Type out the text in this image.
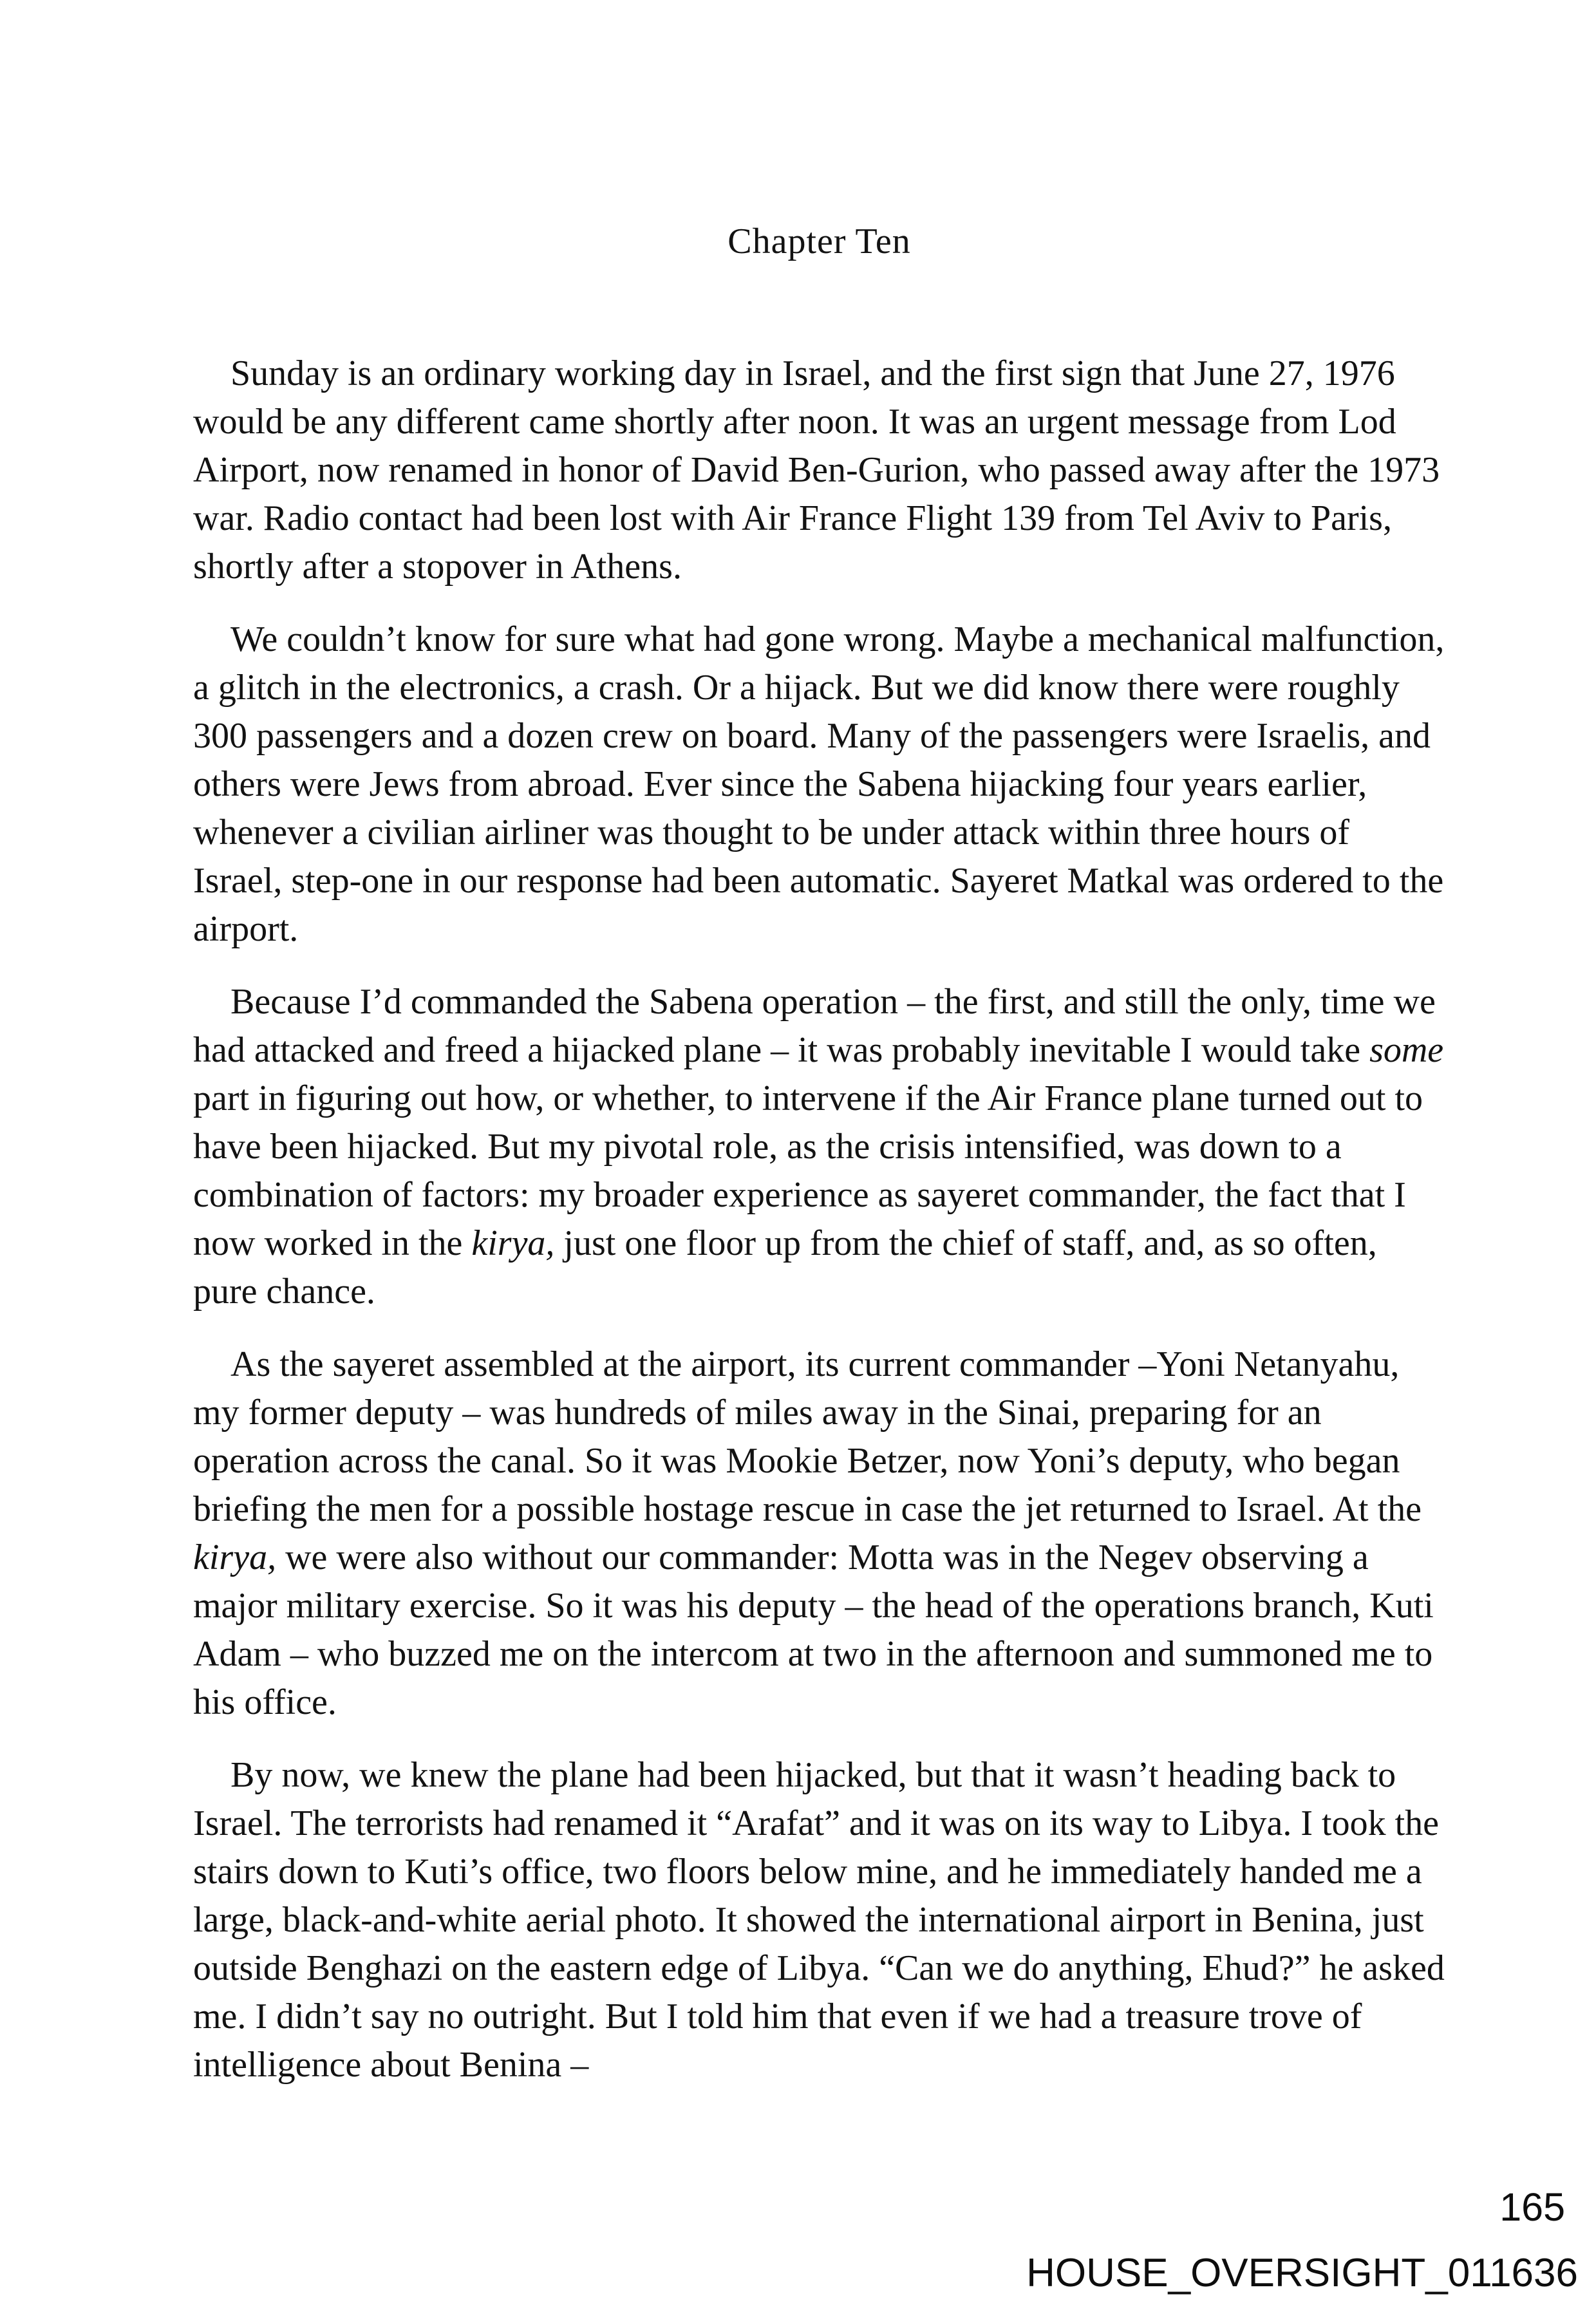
Chapter Ten

Sunday is an ordinary working day in Israel, and the first sign that June 27, 1976 would be any different came shortly after noon. It was an urgent message from Lod Airport, now renamed in honor of David Ben-Gurion, who passed away after the 1973 war. Radio contact had been lost with Air France Flight 139 from Tel Aviv to Paris, shortly after a stopover in Athens.

We couldn’t know for sure what had gone wrong. Maybe a mechanical malfunction, a glitch in the electronics, a crash. Or a hijack. But we did know there were roughly 300 passengers and a dozen crew on board. Many of the passengers were Israelis, and others were Jews from abroad. Ever since the Sabena hijacking four years earlier, whenever a civilian airliner was thought to be under attack within three hours of Israel, step-one in our response had been automatic. Sayeret Matkal was ordered to the airport.

Because I’d commanded the Sabena operation – the first, and still the only, time we had attacked and freed a hijacked plane – it was probably inevitable I would take some part in figuring out how, or whether, to intervene if the Air France plane turned out to have been hijacked. But my pivotal role, as the crisis intensified, was down to a combination of factors: my broader experience as sayeret commander, the fact that I now worked in the kirya, just one floor up from the chief of staff, and, as so often, pure chance.

As the sayeret assembled at the airport, its current commander –Yoni Netanyahu, my former deputy – was hundreds of miles away in the Sinai, preparing for an operation across the canal. So it was Mookie Betzer, now Yoni’s deputy, who began briefing the men for a possible hostage rescue in case the jet returned to Israel. At the kirya, we were also without our commander: Motta was in the Negev observing a major military exercise. So it was his deputy – the head of the operations branch, Kuti Adam – who buzzed me on the intercom at two in the afternoon and summoned me to his office.

By now, we knew the plane had been hijacked, but that it wasn’t heading back to Israel. The terrorists had renamed it “Arafat” and it was on its way to Libya. I took the stairs down to Kuti’s office, two floors below mine, and he immediately handed me a large, black-and-white aerial photo. It showed the international airport in Benina, just outside Benghazi on the eastern edge of Libya. “Can we do anything, Ehud?” he asked me. I didn’t say no outright. But I told him that even if we had a treasure trove of intelligence about Benina –

165
HOUSE_OVERSIGHT_011636
